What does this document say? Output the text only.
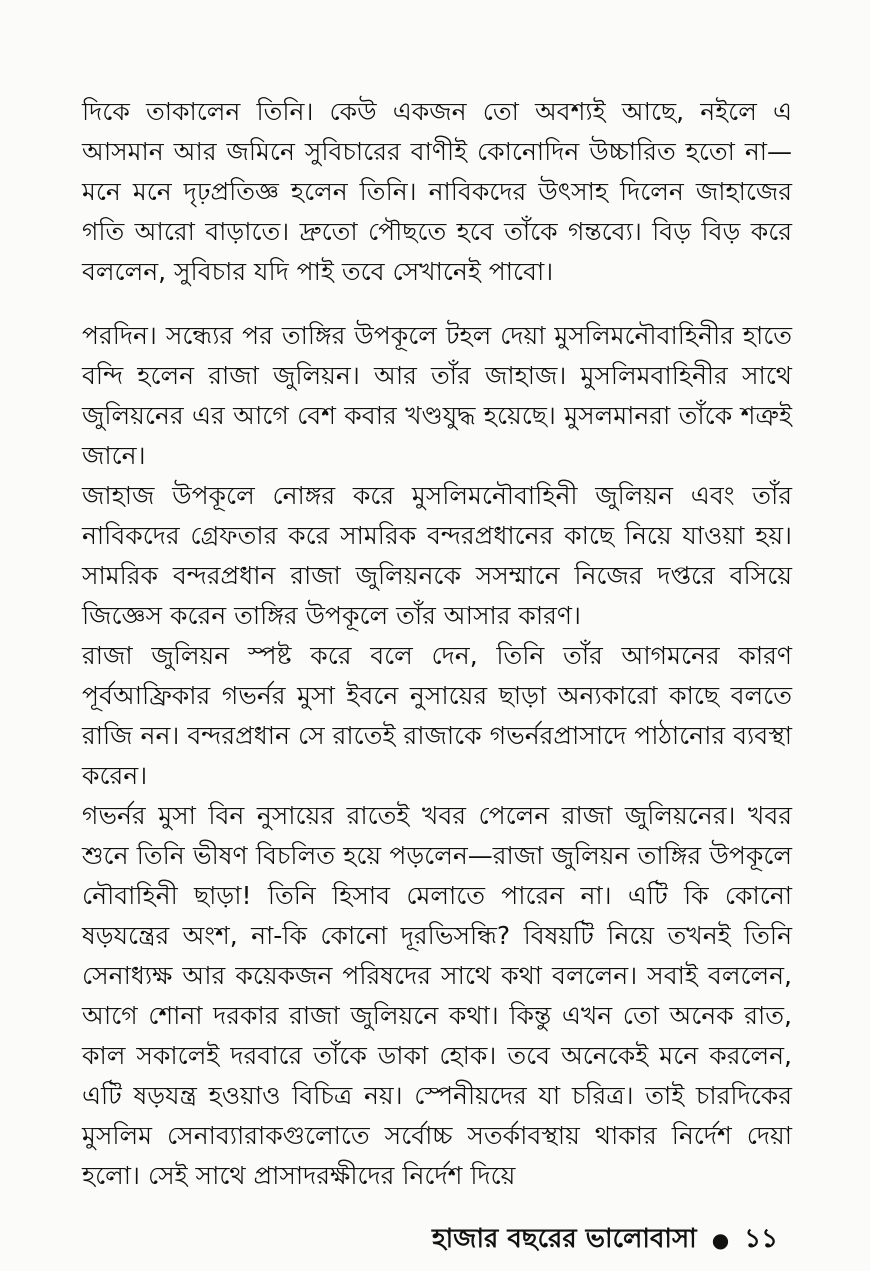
দিকে তাকালেন তিনি। কেউ একজন তো অবশ্যই আছে, নইলে এ আসমান আর জমিনে সুবিচারের বাণীই কোনোদিন উচ্চারিত হতো না—মনে মনে দৃঢ়প্রতিজ্ঞ হলেন তিনি। নাবিকদের উৎসাহ দিলেন জাহাজের গতি আরো বাড়াতে। দ্রুতো পৌছতে হবে তাঁকে গন্তব্যে। বিড় বিড় করে বললেন, সুবিচার যদি পাই তবে সেখানেই পাবো।

পরদিন। সন্ধ্যের পর তাঙ্গির উপকূলে টহল দেয়া মুসলিমনৌবাহিনীর হাতে বন্দি হলেন রাজা জুলিয়ন। আর তাঁর জাহাজ। মুসলিমবাহিনীর সাথে জুলিয়নের এর আগে বেশ কবার খণ্ডযুদ্ধ হয়েছে। মুসলমানরা তাঁকে শত্রুই জানে।

জাহাজ উপকূলে নোঙ্গর করে মুসলিমনৌবাহিনী জুলিয়ন এবং তাঁর নাবিকদের গ্রেফতার করে সামরিক বন্দরপ্রধানের কাছে নিয়ে যাওয়া হয়। সামরিক বন্দরপ্রধান রাজা জুলিয়নকে সসম্মানে নিজের দপ্তরে বসিয়ে জিজ্ঞেস করেন তাঙ্গির উপকূলে তাঁর আসার কারণ।

রাজা জুলিয়ন স্পষ্ট করে বলে দেন, তিনি তাঁর আগমনের কারণ পূর্বআফ্রিকার গভর্নর মুসা ইবনে নুসায়ের ছাড়া অন্যকারো কাছে বলতে রাজি নন। বন্দরপ্রধান সে রাতেই রাজাকে গভর্নরপ্রাসাদে পাঠানোর ব্যবস্থা করেন।

গভর্নর মুসা বিন নুসায়ের রাতেই খবর পেলেন রাজা জুলিয়নের। খবর শুনে তিনি ভীষণ বিচলিত হয়ে পড়লেন—রাজা জুলিয়ন তাঙ্গির উপকূলে নৌবাহিনী ছাড়া! তিনি হিসাব মেলাতে পারেন না। এটি কি কোনো ষড়যন্ত্রের অংশ, না-কি কোনো দূরভিসন্ধি? বিষয়টি নিয়ে তখনই তিনি সেনাধ্যক্ষ আর কয়েকজন পরিষদের সাথে কথা বললেন। সবাই বললেন, আগে শোনা দরকার রাজা জুলিয়নে কথা। কিন্তু এখন তো অনেক রাত, কাল সকালেই দরবারে তাঁকে ডাকা হোক। তবে অনেকেই মনে করলেন, এটি ষড়যন্ত্র হওয়াও বিচিত্র নয়। স্পেনীয়দের যা চরিত্র। তাই চারদিকের মুসলিম সেনাব্যারাকগুলোতে সর্বোচ্চ সতর্কাবস্থায় থাকার নির্দেশ দেয়া হলো। সেই সাথে প্রাসাদরক্ষীদের নির্দেশ দিয়ে

হাজার বছরের ভালোবাসা ● ১১
